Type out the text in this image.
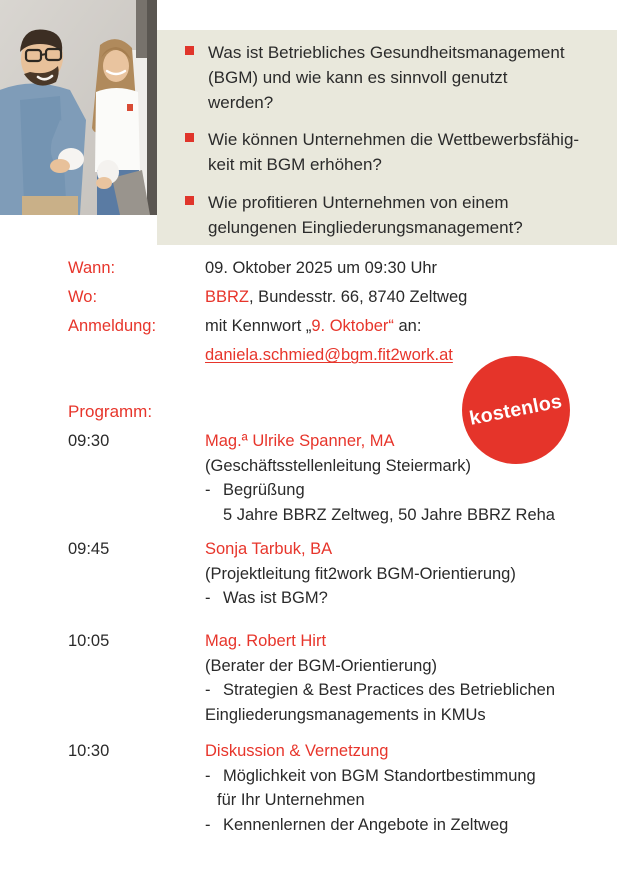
Was ist Betriebliches Gesundheitsmanagement
(BGM) und wie kann es sinnvoll genutzt
werden?
Wie können Unternehmen die Wettbewerbsfähig-
keit mit BGM erhöhen?
Wie profitieren Unternehmen von einem
gelungenen Eingliederungsmanagement?
Wann:	09. Oktober 2025 um 09:30 Uhr
Wo:	BBRZ, Bundesstr. 66, 8740 Zeltweg
Anmeldung:	mit Kennwort „9. Oktober“ an:
daniela.schmied@bgm.fit2work.at
kostenlos
Programm:
09:30	Mag.ª Ulrike Spanner, MA
(Geschäftsstellenleitung Steiermark)
- Begrüßung
5 Jahre BBRZ Zeltweg, 50 Jahre BBRZ Reha
09:45	Sonja Tarbuk, BA
(Projektleitung fit2work BGM-Orientierung)
- Was ist BGM?
10:05	Mag. Robert Hirt
(Berater der BGM-Orientierung)
- Strategien & Best Practices des Betrieblichen
Eingliederungsmanagements in KMUs
10:30	Diskussion & Vernetzung
- Möglichkeit von BGM Standortbestimmung
für Ihr Unternehmen
- Kennenlernen der Angebote in Zeltweg
